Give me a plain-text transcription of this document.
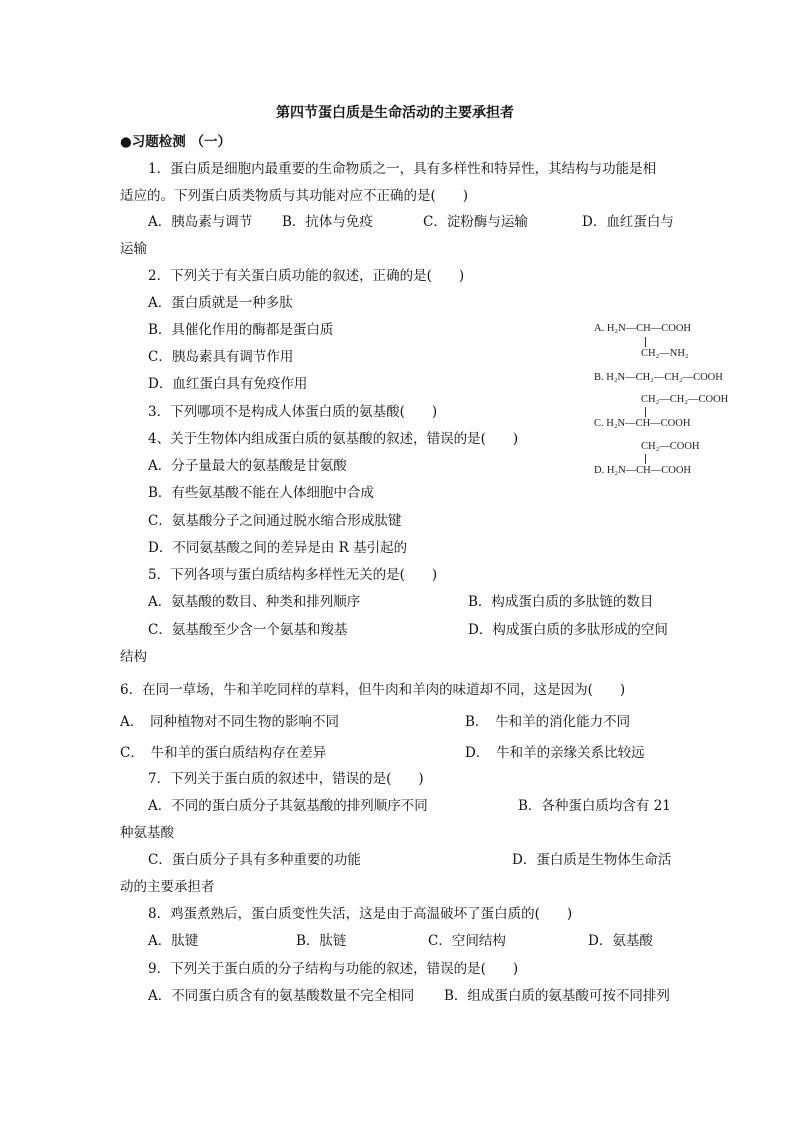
第四节蛋白质是生命活动的主要承担者
●习题检测 （一）
1．蛋白质是细胞内最重要的生命物质之一，具有多样性和特异性，其结构与功能是相
适应的。下列蛋白质类物质与其功能对应不正确的是(　　)
A．胰岛素与调节 B．抗体与免疫	C．淀粉酶与运输	D．血红蛋白与
运输
2．下列关于有关蛋白质功能的叙述，正确的是(　　)
A．蛋白质就是一种多肽
B．具催化作用的酶都是蛋白质
C．胰岛素具有调节作用
D．血红蛋白具有免疫作用
3．下列哪项不是构成人体蛋白质的氨基酸(　　)
4、关于生物体内组成蛋白质的氨基酸的叙述，错误的是(　　)
A．分子量最大的氨基酸是甘氨酸
B．有些氨基酸不能在人体细胞中合成
C．氨基酸分子之间通过脱水缩合形成肽键
D．不同氨基酸之间的差异是由 R 基引起的
5．下列各项与蛋白质结构多样性无关的是(　　)
A．氨基酸的数目、种类和排列顺序	B．构成蛋白质的多肽链的数目
C．氨基酸至少含一个氨基和羧基	D．构成蛋白质的多肽形成的空间
结构
6．在同一草场，牛和羊吃同样的草料，但牛肉和羊肉的味道却不同，这是因为(　　)
A．　同种植物对不同生物的影响不同	B．　牛和羊的消化能力不同
C．　牛和羊的蛋白质结构存在差异	D．　牛和羊的亲缘关系比较远
7．下列关于蛋白质的叙述中，错误的是(　　)
A．不同的蛋白质分子其氨基酸的排列顺序不同	B．各种蛋白质均含有 21
种氨基酸
C．蛋白质分子具有多种重要的功能	D．蛋白质是生物体生命活
动的主要承担者
8．鸡蛋煮熟后，蛋白质变性失活，这是由于高温破坏了蛋白质的(　　)
A．肽键	B．肽链	C．空间结构	D．氨基酸
9．下列关于蛋白质的分子结构与功能的叙述，错误的是(　　)
A．不同蛋白质含有的氨基酸数量不完全相同 B．组成蛋白质的氨基酸可按不同排列
A. H₂N—CH—COOH
CH₂—NH₂
B. H₂N—CH₂—CH₂—COOH
CH₂—CH₂—COOH
C. H₂N—CH—COOH
CH₂—COOH
D. H₂N—CH—COOH
